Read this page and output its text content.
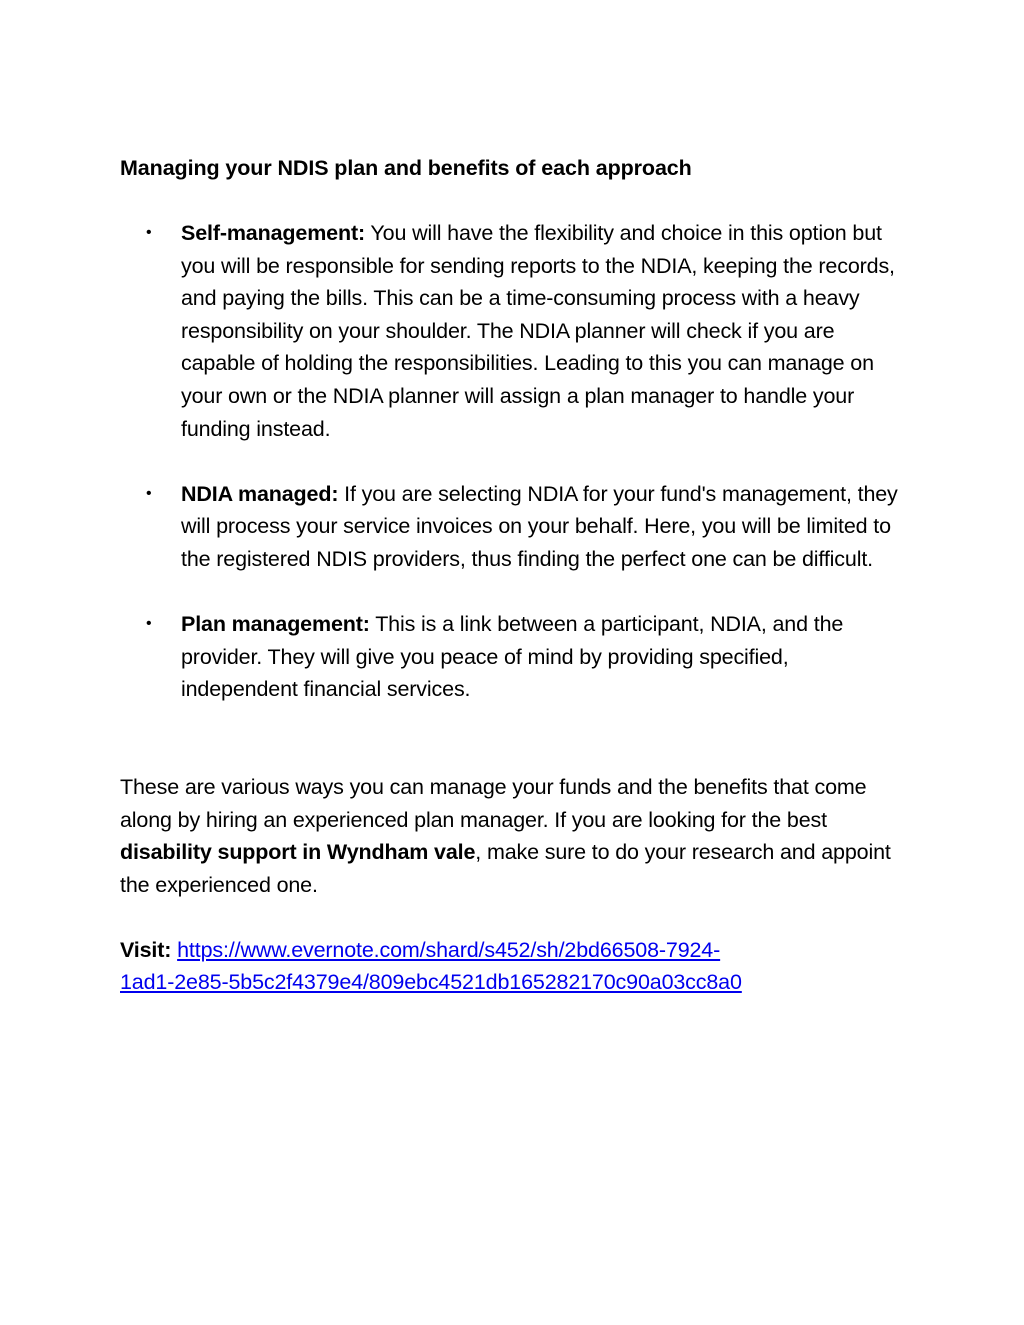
Managing your NDIS plan and benefits of each approach
• Self-management: You will have the flexibility and choice in this option but you will be responsible for sending reports to the NDIA, keeping the records, and paying the bills. This can be a time-consuming process with a heavy responsibility on your shoulder. The NDIA planner will check if you are capable of holding the responsibilities. Leading to this you can manage on your own or the NDIA planner will assign a plan manager to handle your funding instead.
• NDIA managed: If you are selecting NDIA for your fund's management, they will process your service invoices on your behalf. Here, you will be limited to the registered NDIS providers, thus finding the perfect one can be difficult.
• Plan management: This is a link between a participant, NDIA, and the provider. They will give you peace of mind by providing specified, independent financial services.

These are various ways you can manage your funds and the benefits that come along by hiring an experienced plan manager. If you are looking for the best disability support in Wyndham vale, make sure to do your research and appoint the experienced one.

Visit: https://www.evernote.com/shard/s452/sh/2bd66508-7924-
1ad1-2e85-5b5c2f4379e4/809ebc4521db165282170c90a03cc8a0
